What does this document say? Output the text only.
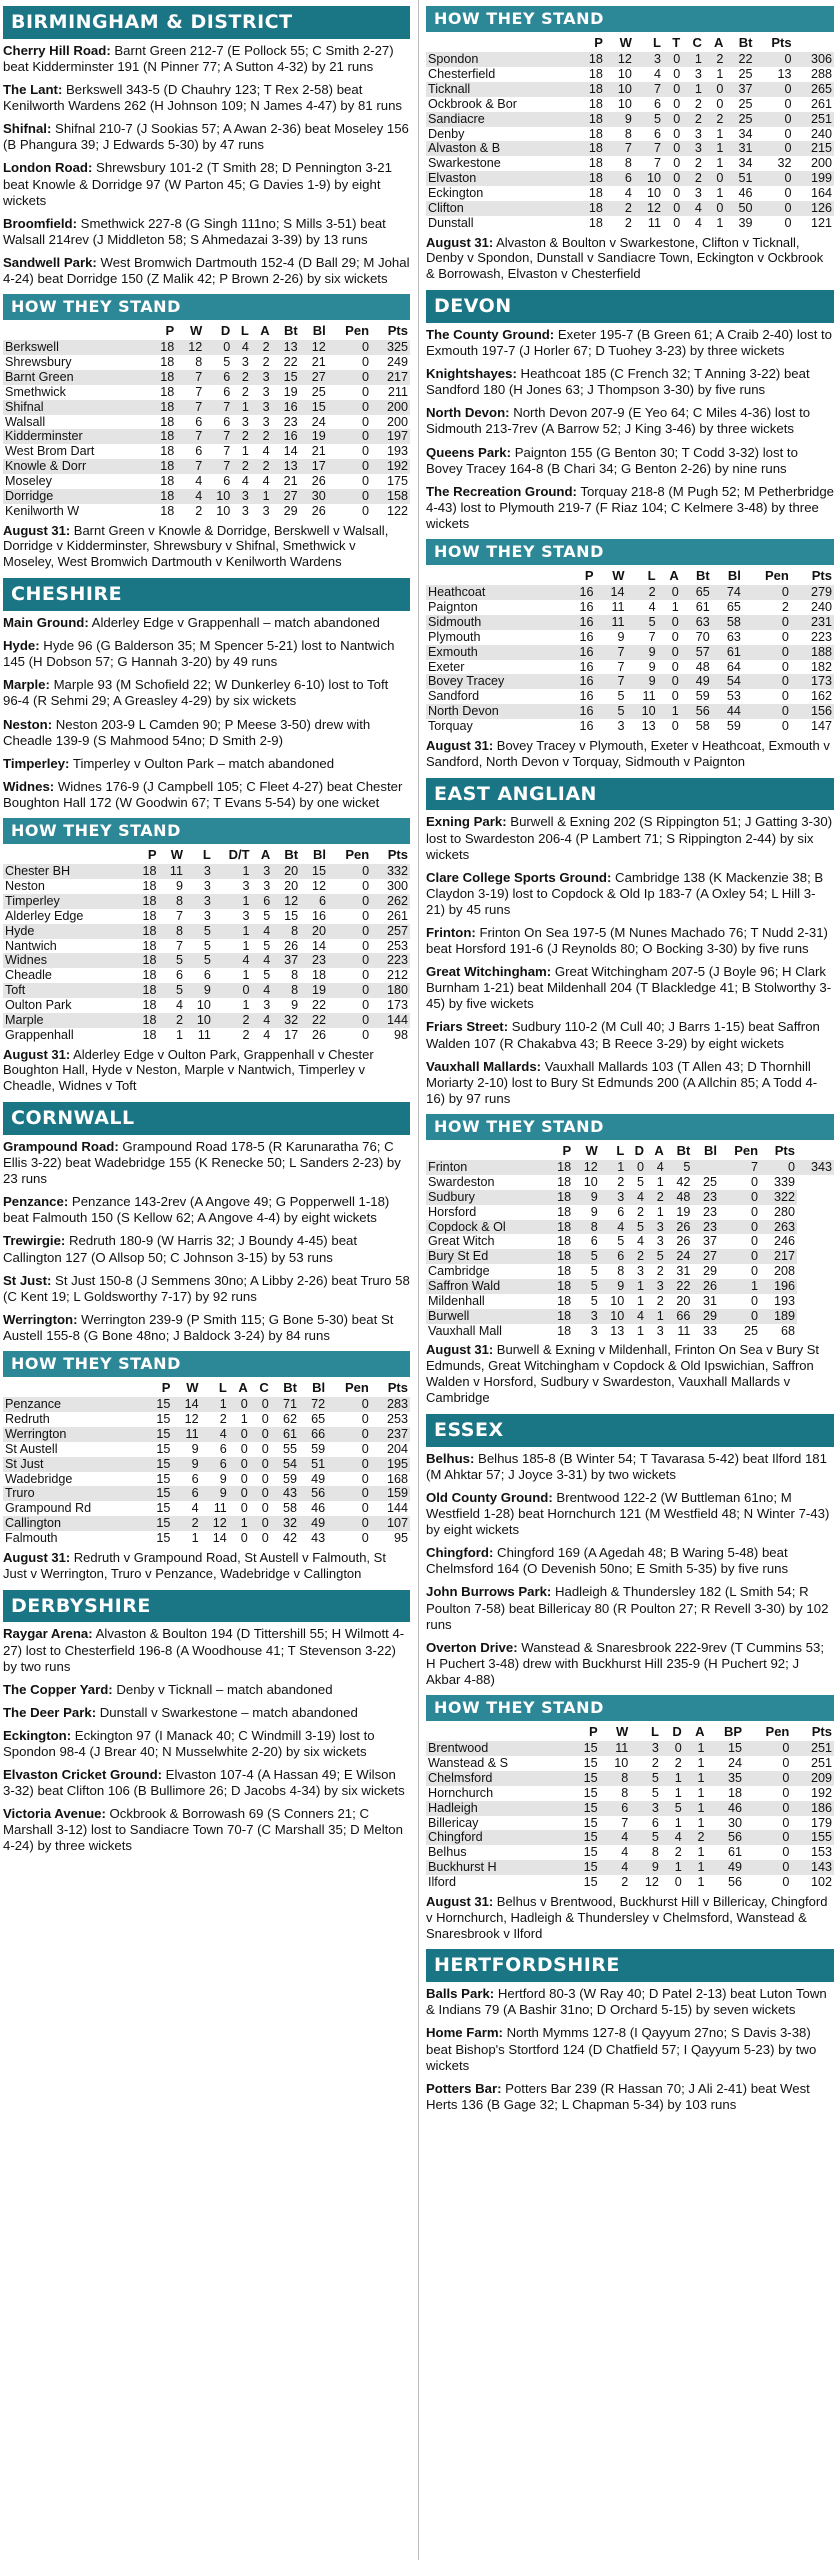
BIRMINGHAM & DISTRICT

Cherry Hill Road: Barnt Green 212-7 (E Pollock 55; C Smith 2-27) beat Kidderminster 191 (N Pinner 77; A Sutton 4-32) by 21 runs

The Lant: Berkswell 343-5 (D Chauhry 123; T Rex 2-58) beat Kenilworth Wardens 262 (H Johnson 109; N James 4-47) by 81 runs

Shifnal: Shifnal 210-7 (J Sookias 57; A Awan 2-36) beat Moseley 156 (B Phangura 39; J Edwards 5-30) by 47 runs

London Road: Shrewsbury 101-2 (T Smith 28; D Pennington 3-21 beat Knowle & Dorridge 97 (W Parton 45; G Davies 1-9) by eight wickets

Broomfield: Smethwick 227-8 (G Singh 111no; S Mills 3-51) beat Walsall 214rev (J Middleton 58; S Ahmedazai 3-39) by 13 runs

Sandwell Park: West Bromwich Dartmouth 152-4 (D Ball 29; M Johal 4-24) beat Dorridge 150 (Z Malik 42; P Brown 2-26) by six wickets

HOW THEY STAND
	P	W	D	L	A	Bt	Bl	Pen	Pts
Berkswell	18	12	0	4	2	13	12	0	325
Shrewsbury	18	8	5	3	2	22	21	0	249
Barnt Green	18	7	6	2	3	15	27	0	217
Smethwick	18	7	6	2	3	19	25	0	211
Shifnal	18	7	7	1	3	16	15	0	200
Walsall	18	6	6	3	3	23	24	0	200
Kidderminster	18	7	7	2	2	16	19	0	197
West Brom Dart	18	6	7	1	4	14	21	0	193
Knowle & Dorr	18	7	7	2	2	13	17	0	192
Moseley	18	4	6	4	4	21	26	0	175
Dorridge	18	4	10	3	1	27	30	0	158
Kenilworth W	18	2	10	3	3	29	26	0	122

August 31: Barnt Green v Knowle & Dorridge, Berskwell v Walsall, Dorridge v Kidderminster, Shrewsbury v Shifnal, Smethwick v Moseley, West Bromwich Dartmouth v Kenilworth Wardens

CHESHIRE

Main Ground: Alderley Edge v Grappenhall – match abandoned

Hyde: Hyde 96 (G Balderson 35; M Spencer 5-21) lost to Nantwich 145 (H Dobson 57; G Hannah 3-20) by 49 runs

Marple: Marple 93 (M Schofield 22; W Dunkerley 6-10) lost to Toft 96-4 (R Sehmi 29; A Greasley 4-29) by six wickets

Neston: Neston 203-9 L Camden 90; P Meese 3-50) drew with Cheadle 139-9 (S Mahmood 54no; D Smith 2-9)

Timperley: Timperley v Oulton Park – match abandoned

Widnes: Widnes 176-9 (J Campbell 105; C Fleet 4-27) beat Chester Boughton Hall 172 (W Goodwin 67; T Evans 5-54) by one wicket

HOW THEY STAND
	P	W	L	D/T	A	Bt	Bl	Pen	Pts
Chester BH	18	11	3	1	3	20	15	0	332
Neston	18	9	3	3	3	20	12	0	300
Timperley	18	8	3	1	6	12	6	0	262
Alderley Edge	18	7	3	3	5	15	16	0	261
Hyde	18	8	5	1	4	8	20	0	257
Nantwich	18	7	5	1	5	26	14	0	253
Widnes	18	5	5	4	4	37	23	0	223
Cheadle	18	6	6	1	5	8	18	0	212
Toft	18	5	9	0	4	8	19	0	180
Oulton Park	18	4	10	1	3	9	22	0	173
Marple	18	2	10	2	4	32	22	0	144
Grappenhall	18	1	11	2	4	17	26	0	98

August 31: Alderley Edge v Oulton Park, Grappenhall v Chester Boughton Hall, Hyde v Neston, Marple v Nantwich, Timperley v Cheadle, Widnes v Toft

CORNWALL

Grampound Road: Grampound Road 178-5 (R Karunaratha 76; C Ellis 3-22) beat Wadebridge 155 (K Renecke 50; L Sanders 2-23) by 23 runs

Penzance: Penzance 143-2rev (A Angove 49; G Popperwell 1-18) beat Falmouth 150 (S Kellow 62; A Angove 4-4) by eight wickets

Trewirgie: Redruth 180-9 (W Harris 32; J Boundy 4-45) beat Callington 127 (O Allsop 50; C Johnson 3-15) by 53 runs

St Just: St Just 150-8 (J Semmens 30no; A Libby 2-26) beat Truro 58 (C Kent 19; L Goldsworthy 7-17) by 92 runs

Werrington: Werrington 239-9 (P Smith 115; G Bone 5-30) beat St Austell 155-8 (G Bone 48no; J Baldock 3-24) by 84 runs

HOW THEY STAND
	P	W	L	A	C	Bt	Bl	Pen	Pts
Penzance	15	14	1	0	0	71	72	0	283
Redruth	15	12	2	1	0	62	65	0	253
Werrington	15	11	4	0	0	61	66	0	237
St Austell	15	9	6	0	0	55	59	0	204
St Just	15	9	6	0	0	54	51	0	195
Wadebridge	15	6	9	0	0	59	49	0	168
Truro	15	6	9	0	0	43	56	0	159
Grampound Rd	15	4	11	0	0	58	46	0	144
Callington	15	2	12	1	0	32	49	0	107
Falmouth	15	1	14	0	0	42	43	0	95

August 31: Redruth v Grampound Road, St Austell v Falmouth, St Just v Werrington, Truro v Penzance, Wadebridge v Callington

DERBYSHIRE

Raygar Arena: Alvaston & Boulton 194 (D Tittershill 55; H Wilmott 4-27) lost to Chesterfield 196-8 (A Woodhouse 41; T Stevenson 3-22) by two runs

The Copper Yard: Denby v Ticknall – match abandoned

The Deer Park: Dunstall v Swarkestone – match abandoned

Eckington: Eckington 97 (I Manack 40; C Windmill 3-19) lost to Spondon 98-4 (J Brear 40; N Musselwhite 2-20) by six wickets

Elvaston Cricket Ground: Elvaston 107-4 (A Hassan 49; E Wilson 3-32) beat Clifton 106 (B Bullimore 26; D Jacobs 4-34) by six wickets

Victoria Avenue: Ockbrook & Borrowash 69 (S Conners 21; C Marshall 3-12) lost to Sandiacre Town 70-7 (C Marshall 35; D Melton 4-24) by three wickets

HOW THEY STAND
	P	W	L	T	C	A	Bt	Pts	
Spondon	18	12	3	0	1	2	22	0	306
Chesterfield	18	10	4	0	3	1	25	13	288
Ticknall	18	10	7	0	1	0	37	0	265
Ockbrook & Bor	18	10	6	0	2	0	25	0	261
Sandiacre	18	9	5	0	2	2	25	0	251
Denby	18	8	6	0	3	1	34	0	240
Alvaston & B	18	7	7	0	3	1	31	0	215
Swarkestone	18	8	7	0	2	1	34	32	200
Elvaston	18	6	10	0	2	0	51	0	199
Eckington	18	4	10	0	3	1	46	0	164
Clifton	18	2	12	0	4	0	50	0	126
Dunstall	18	2	11	0	4	1	39	0	121

August 31: Alvaston & Boulton v Swarkestone, Clifton v Ticknall, Denby v Spondon, Dunstall v Sandiacre Town, Eckington v Ockbrook & Borrowash, Elvaston v Chesterfield

DEVON

The County Ground: Exeter 195-7 (B Green 61; A Craib 2-40) lost to Exmouth 197-7 (J Horler 67; D Tuohey 3-23) by three wickets

Knightshayes: Heathcoat 185 (C French 32; T Anning 3-22) beat Sandford 180 (H Jones 63; J Thompson 3-30) by five runs

North Devon: North Devon 207-9 (E Yeo 64; C Miles 4-36) lost to Sidmouth 213-7rev (A Barrow 52; J King 3-46) by three wickets

Queens Park: Paignton 155 (G Benton 30; T Codd 3-32) lost to Bovey Tracey 164-8 (B Chari 34; G Benton 2-26) by nine runs

The Recreation Ground: Torquay 218-8 (M Pugh 52; M Petherbridge 4-43) lost to Plymouth 219-7 (F Riaz 104; C Kelmere 3-48) by three wickets

HOW THEY STAND
	P	W	L	A	Bt	Bl	Pen	Pts
Heathcoat	16	14	2	0	65	74	0	279
Paignton	16	11	4	1	61	65	2	240
Sidmouth	16	11	5	0	63	58	0	231
Plymouth	16	9	7	0	70	63	0	223
Exmouth	16	7	9	0	57	61	0	188
Exeter	16	7	9	0	48	64	0	182
Bovey Tracey	16	7	9	0	49	54	0	173
Sandford	16	5	11	0	59	53	0	162
North Devon	16	5	10	1	56	44	0	156
Torquay	16	3	13	0	58	59	0	147

August 31: Bovey Tracey v Plymouth, Exeter v Heathcoat, Exmouth v Sandford, North Devon v Torquay, Sidmouth v Paignton

EAST ANGLIAN

Exning Park: Burwell & Exning 202 (S Rippington 51; J Gatting 3-30) lost to Swardeston 206-4 (P Lambert 71; S Rippington 2-44) by six wickets

Clare College Sports Ground: Cambridge 138 (K Mackenzie 38; B Claydon 3-19) lost to Copdock & Old Ip 183-7 (A Oxley 54; L Hill 3-21) by 45 runs

Frinton: Frinton On Sea 197-5 (M Nunes Machado 76; T Nudd 2-31) beat Horsford 191-6 (J Reynolds 80; O Bocking 3-30) by five runs

Great Witchingham: Great Witchingham 207-5 (J Boyle 96; H Clark Burnham 1-21) beat Mildenhall 204 (T Blackledge 41; B Stolworthy 3-45) by five wickets

Friars Street: Sudbury 110-2 (M Cull 40; J Barrs 1-15) beat Saffron Walden 107 (R Chakabva 43; B Reece 3-29) by eight wickets

Vauxhall Mallards: Vauxhall Mallards 103 (T Allen 43; D Thornhill Moriarty 2-10) lost to Bury St Edmunds 200 (A Allchin 85; A Todd 4-16) by 97 runs

HOW THEY STAND
	P	W	L	D	A	Bt	Bl	Pen	Pts	
Frinton	18	12	1	0	4	5		7	0	343
Swardeston	18	10	2	5	1	42	25	0	339	
Sudbury	18	9	3	4	2	48	23	0	322	
Horsford	18	9	6	2	1	19	23	0	280	
Copdock & Ol	18	8	4	5	3	26	23	0	263	
Great Witch	18	6	5	4	3	26	37	0	246	
Bury St Ed	18	5	6	2	5	24	27	0	217	
Cambridge	18	5	8	3	2	31	29	0	208	
Saffron Wald	18	5	9	1	3	22	26	1	196	
Mildenhall	18	5	10	1	2	20	31	0	193	
Burwell	18	3	10	4	1	66	29	0	189	
Vauxhall Mall	18	3	13	1	3	11	33	25	68	

August 31: Burwell & Exning v Mildenhall, Frinton On Sea v Bury St Edmunds, Great Witchingham v Copdock & Old Ipswichian, Saffron Walden v Horsford, Sudbury v Swardeston, Vauxhall Mallards v Cambridge

ESSEX

Belhus: Belhus 185-8 (B Winter 54; T Tavarasa 5-42) beat Ilford 181 (M Ahktar 57; J Joyce 3-31) by two wickets

Old County Ground: Brentwood 122-2 (W Buttleman 61no; M Westfield 1-28) beat Hornchurch 121 (M Westfield 48; N Winter 7-43) by eight wickets

Chingford: Chingford 169 (A Agedah 48; B Waring 5-48) beat Chelmsford 164 (O Devenish 50no; E Smith 5-35) by five runs

John Burrows Park: Hadleigh & Thundersley 182 (L Smith 54; R Poulton 7-58) beat Billericay 80 (R Poulton 27; R Revell 3-30) by 102 runs

Overton Drive: Wanstead & Snaresbrook 222-9rev (T Cummins 53; H Puchert 3-48) drew with Buckhurst Hill 235-9 (H Puchert 92; J Akbar 4-88)

HOW THEY STAND
	P	W	L	D	A	BP	Pen	Pts
Brentwood	15	11	3	0	1	15	0	251
Wanstead & S	15	10	2	2	1	24	0	251
Chelmsford	15	8	5	1	1	35	0	209
Hornchurch	15	8	5	1	1	18	0	192
Hadleigh	15	6	3	5	1	46	0	186
Billericay	15	7	6	1	1	30	0	179
Chingford	15	4	5	4	2	56	0	155
Belhus	15	4	8	2	1	61	0	153
Buckhurst H	15	4	9	1	1	49	0	143
Ilford	15	2	12	0	1	56	0	102

August 31: Belhus v Brentwood, Buckhurst Hill v Billericay, Chingford v Hornchurch, Hadleigh & Thundersley v Chelmsford, Wanstead & Snaresbrook v Ilford

HERTFORDSHIRE

Balls Park: Hertford 80-3 (W Ray 40; D Patel 2-13) beat Luton Town & Indians 79 (A Bashir 31no; D Orchard 5-15) by seven wickets

Home Farm: North Mymms 127-8 (I Qayyum 27no; S Davis 3-38) beat Bishop's Stortford 124 (D Chatfield 57; I Qayyum 5-23) by two wickets

Potters Bar: Potters Bar 239 (R Hassan 70; J Ali 2-41) beat West Herts 136 (B Gage 32; L Chapman 5-34) by 103 runs
